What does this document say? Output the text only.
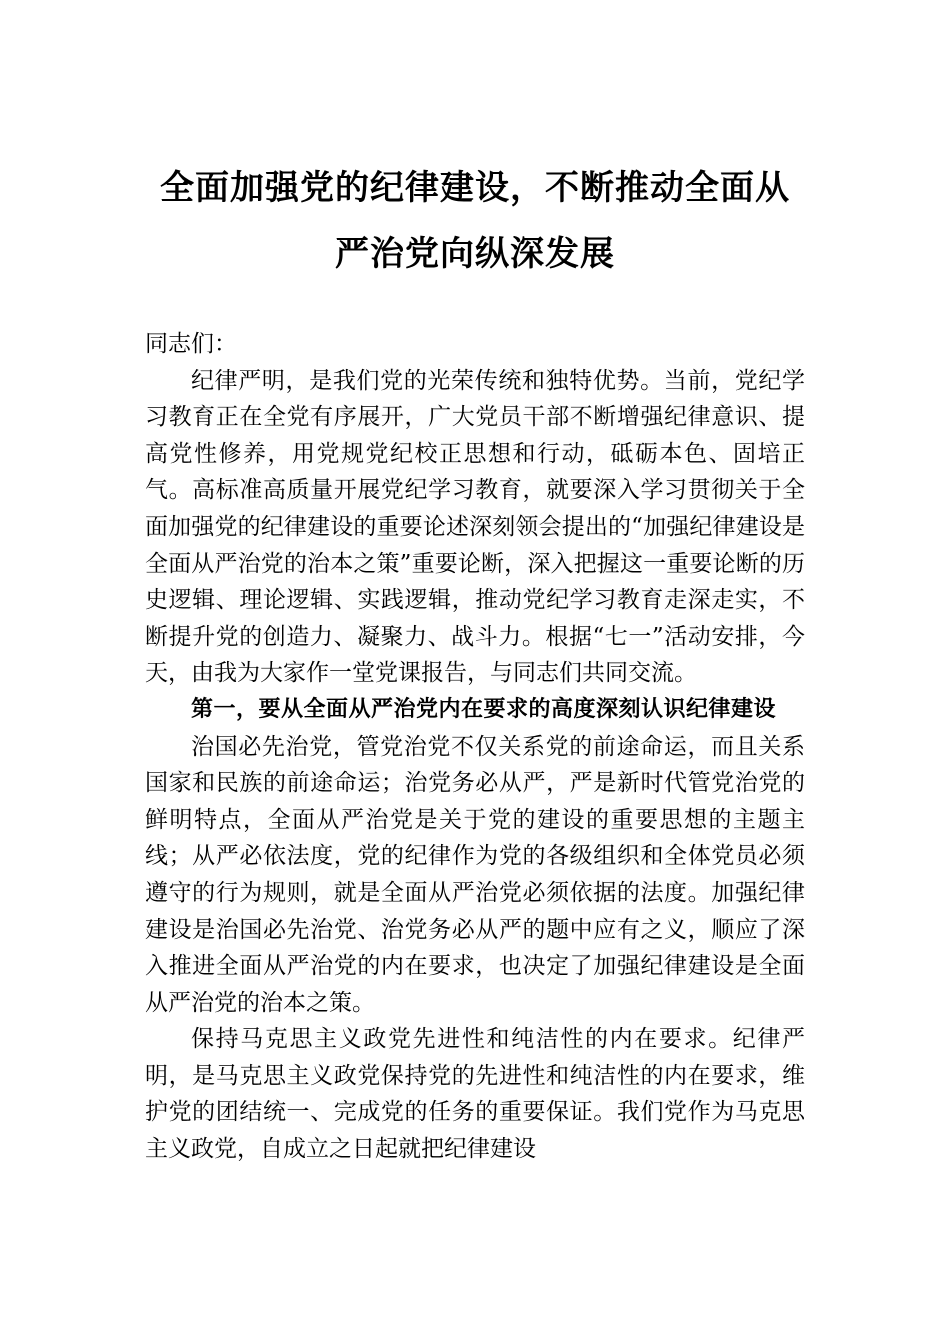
全面加强党的纪律建设，不断推动全面从
严治党向纵深发展

同志们：

纪律严明，是我们党的光荣传统和独特优势。当前，党纪学习教育正在全党有序展开，广大党员干部不断增强纪律意识、提高党性修养，用党规党纪校正思想和行动，砥砺本色、固培正气。高标准高质量开展党纪学习教育，就要深入学习贯彻关于全面加强党的纪律建设的重要论述深刻领会提出的“加强纪律建设是全面从严治党的治本之策”重要论断，深入把握这一重要论断的历史逻辑、理论逻辑、实践逻辑，推动党纪学习教育走深走实，不断提升党的创造力、凝聚力、战斗力。根据“七一”活动安排，今天，由我为大家作一堂党课报告，与同志们共同交流。

第一，要从全面从严治党内在要求的高度深刻认识纪律建设

治国必先治党，管党治党不仅关系党的前途命运，而且关系国家和民族的前途命运；治党务必从严，严是新时代管党治党的鲜明特点，全面从严治党是关于党的建设的重要思想的主题主线；从严必依法度，党的纪律作为党的各级组织和全体党员必须遵守的行为规则，就是全面从严治党必须依据的法度。加强纪律建设是治国必先治党、治党务必从严的题中应有之义，顺应了深入推进全面从严治党的内在要求，也决定了加强纪律建设是全面从严治党的治本之策。

保持马克思主义政党先进性和纯洁性的内在要求。纪律严明，是马克思主义政党保持党的先进性和纯洁性的内在要求，维护党的团结统一、完成党的任务的重要保证。我们党作为马克思主义政党，自成立之日起就把纪律建设
